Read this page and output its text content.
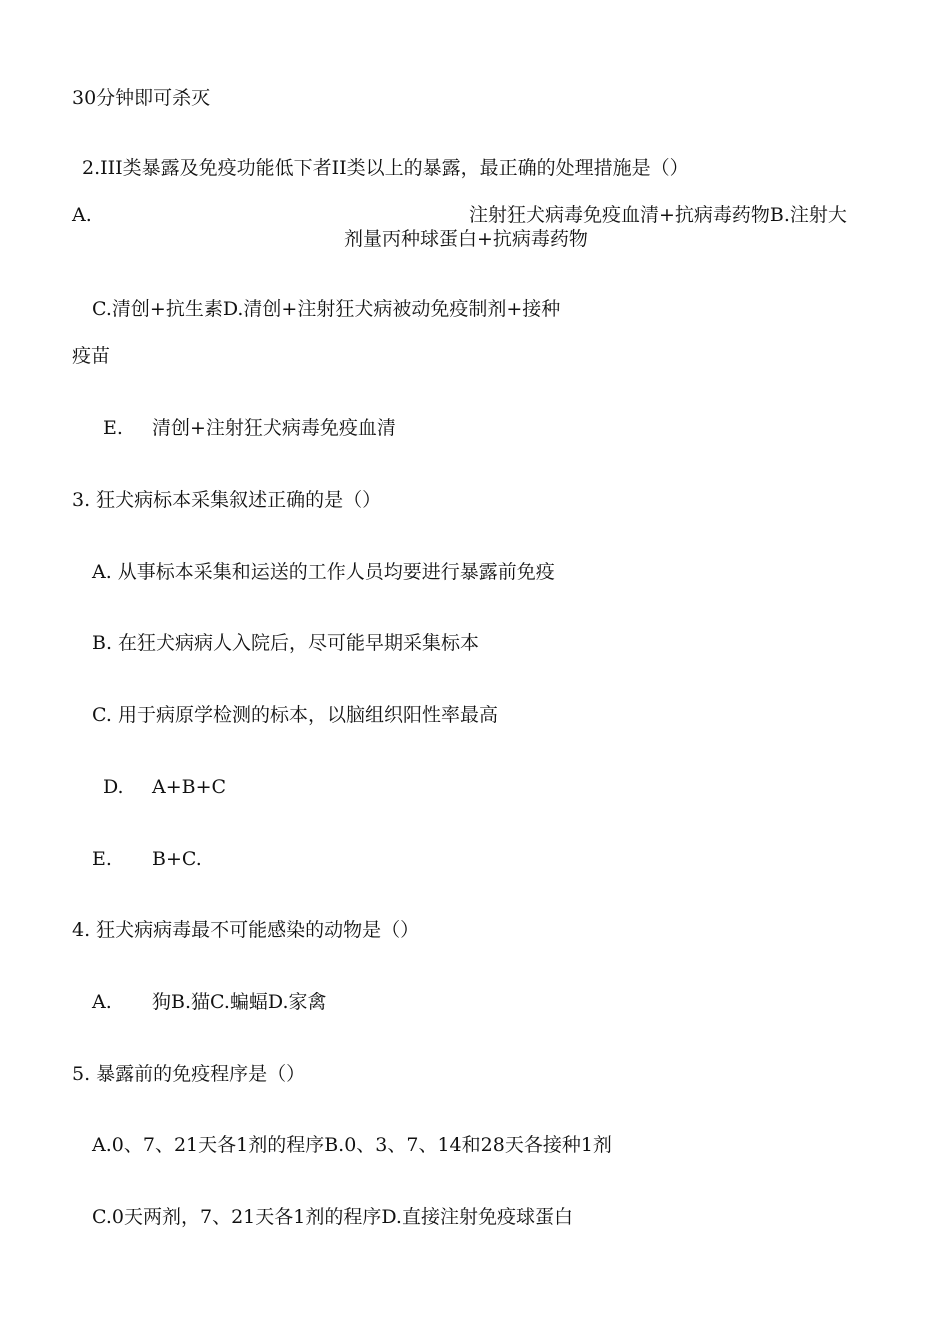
30分钟即可杀灭
2.III类暴露及免疫功能低下者II类以上的暴露，最正确的处理措施是（）
A.	注射狂犬病毒免疫血清+抗病毒药物B.注射大
剂量丙种球蛋白+抗病毒药物
C.清创+抗生素D.清创+注射狂犬病被动免疫制剂+接种
疫苗
E. 清创+注射狂犬病毒免疫血清
3. 狂犬病标本采集叙述正确的是（）
A. 从事标本采集和运送的工作人员均要进行暴露前免疫
B. 在狂犬病病人入院后，尽可能早期采集标本
C. 用于病原学检测的标本，以脑组织阳性率最高
D. A+B+C
E. B+C.
4. 狂犬病病毒最不可能感染的动物是（）
A. 狗B.猫C.蝙蝠D.家禽
5. 暴露前的免疫程序是（）
A.0、7、21天各1剂的程序B.0、3、7、14和28天各接种1剂
C.0天两剂，7、21天各1剂的程序D.直接注射免疫球蛋白
